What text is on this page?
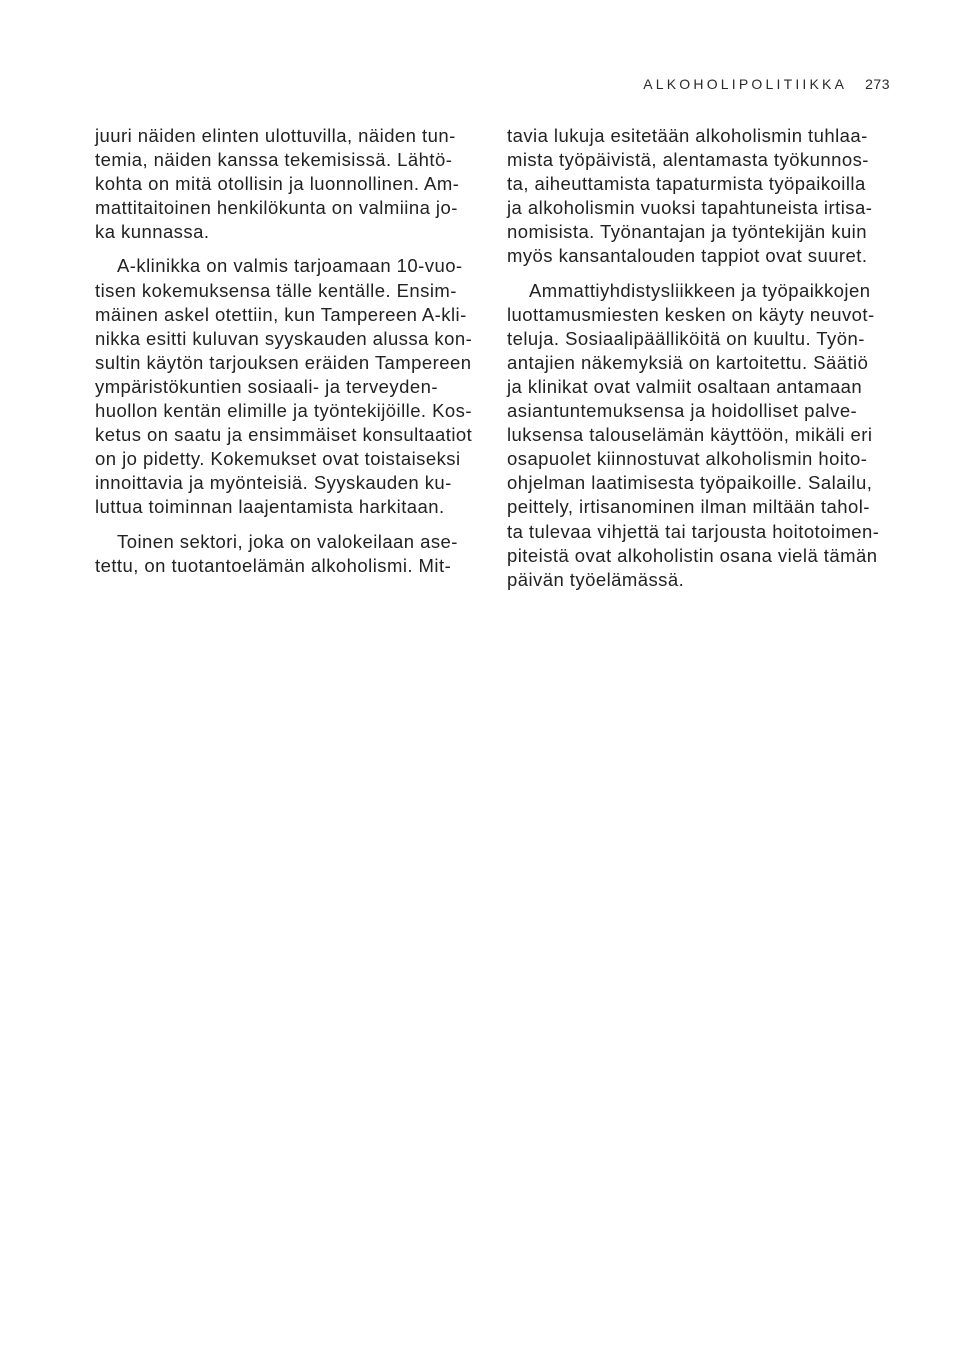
ALKOHOLIPOLITIIKKA 273

juuri näiden elinten ulottuvilla, näiden tun-
temia, näiden kanssa tekemisissä. Lähtö-
kohta on mitä otollisin ja luonnollinen. Am-
mattitaitoinen henkilökunta on valmiina jo-
ka kunnassa.

A-klinikka on valmis tarjoamaan 10-vuo-
tisen kokemuksensa tälle kentälle. Ensim-
mäinen askel otettiin, kun Tampereen A-kli-
nikka esitti kuluvan syyskauden alussa kon-
sultin käytön tarjouksen eräiden Tampereen
ympäristökuntien sosiaali- ja terveyden-
huollon kentän elimille ja työntekijöille. Kos-
ketus on saatu ja ensimmäiset konsultaatiot
on jo pidetty. Kokemukset ovat toistaiseksi
innoittavia ja myönteisiä. Syyskauden ku-
luttua toiminnan laajentamista harkitaan.

Toinen sektori, joka on valokeilaan ase-
tettu, on tuotantoelämän alkoholismi. Mit-

tavia lukuja esitetään alkoholismin tuhlaa-
mista työpäivistä, alentamasta työkunnos-
ta, aiheuttamista tapaturmista työpaikoilla
ja alkoholismin vuoksi tapahtuneista irtisa-
nomisista. Työnantajan ja työntekijän kuin
myös kansantalouden tappiot ovat suuret.

Ammattiyhdistysliikkeen ja työpaikkojen
luottamusmiesten kesken on käyty neuvot-
teluja. Sosiaalipäälliköitä on kuultu. Työn-
antajien näkemyksiä on kartoitettu. Säätiö
ja klinikat ovat valmiit osaltaan antamaan
asiantuntemuksensa ja hoidolliset palve-
luksensa talouselämän käyttöön, mikäli eri
osapuolet kiinnostuvat alkoholismin hoito-
ohjelman laatimisesta työpaikoille. Salailu,
peittely, irtisanominen ilman miltään tahol-
ta tulevaa vihjettä tai tarjousta hoitotoimen-
piteistä ovat alkoholistin osana vielä tämän
päivän työelämässä.
